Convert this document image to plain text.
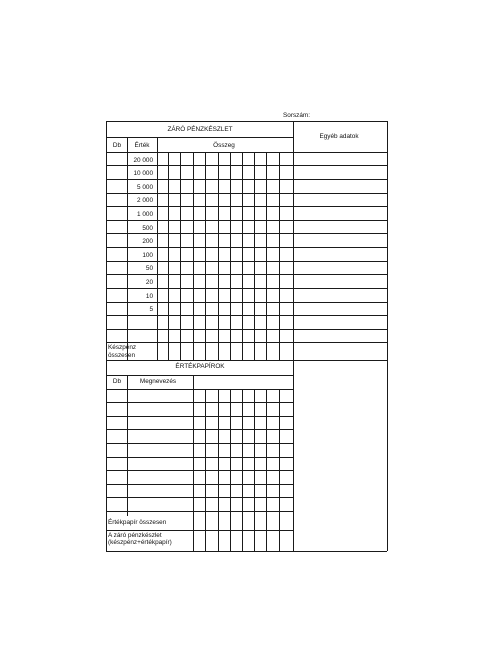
Sorszám:
ZÁRÓ PÉNZKÉSZLET
Egyéb adatok
Db Érték	Összeg
20 000
10 000
5 000
2 000
1 000
500
200
100
50
20
10
5
Készpénz
összesen
ÉRTÉKPAPÍROK
Db	Megnevezés
Értékpapír összesen
A záró pénzkészlet
(készpénz+értékpapír)
